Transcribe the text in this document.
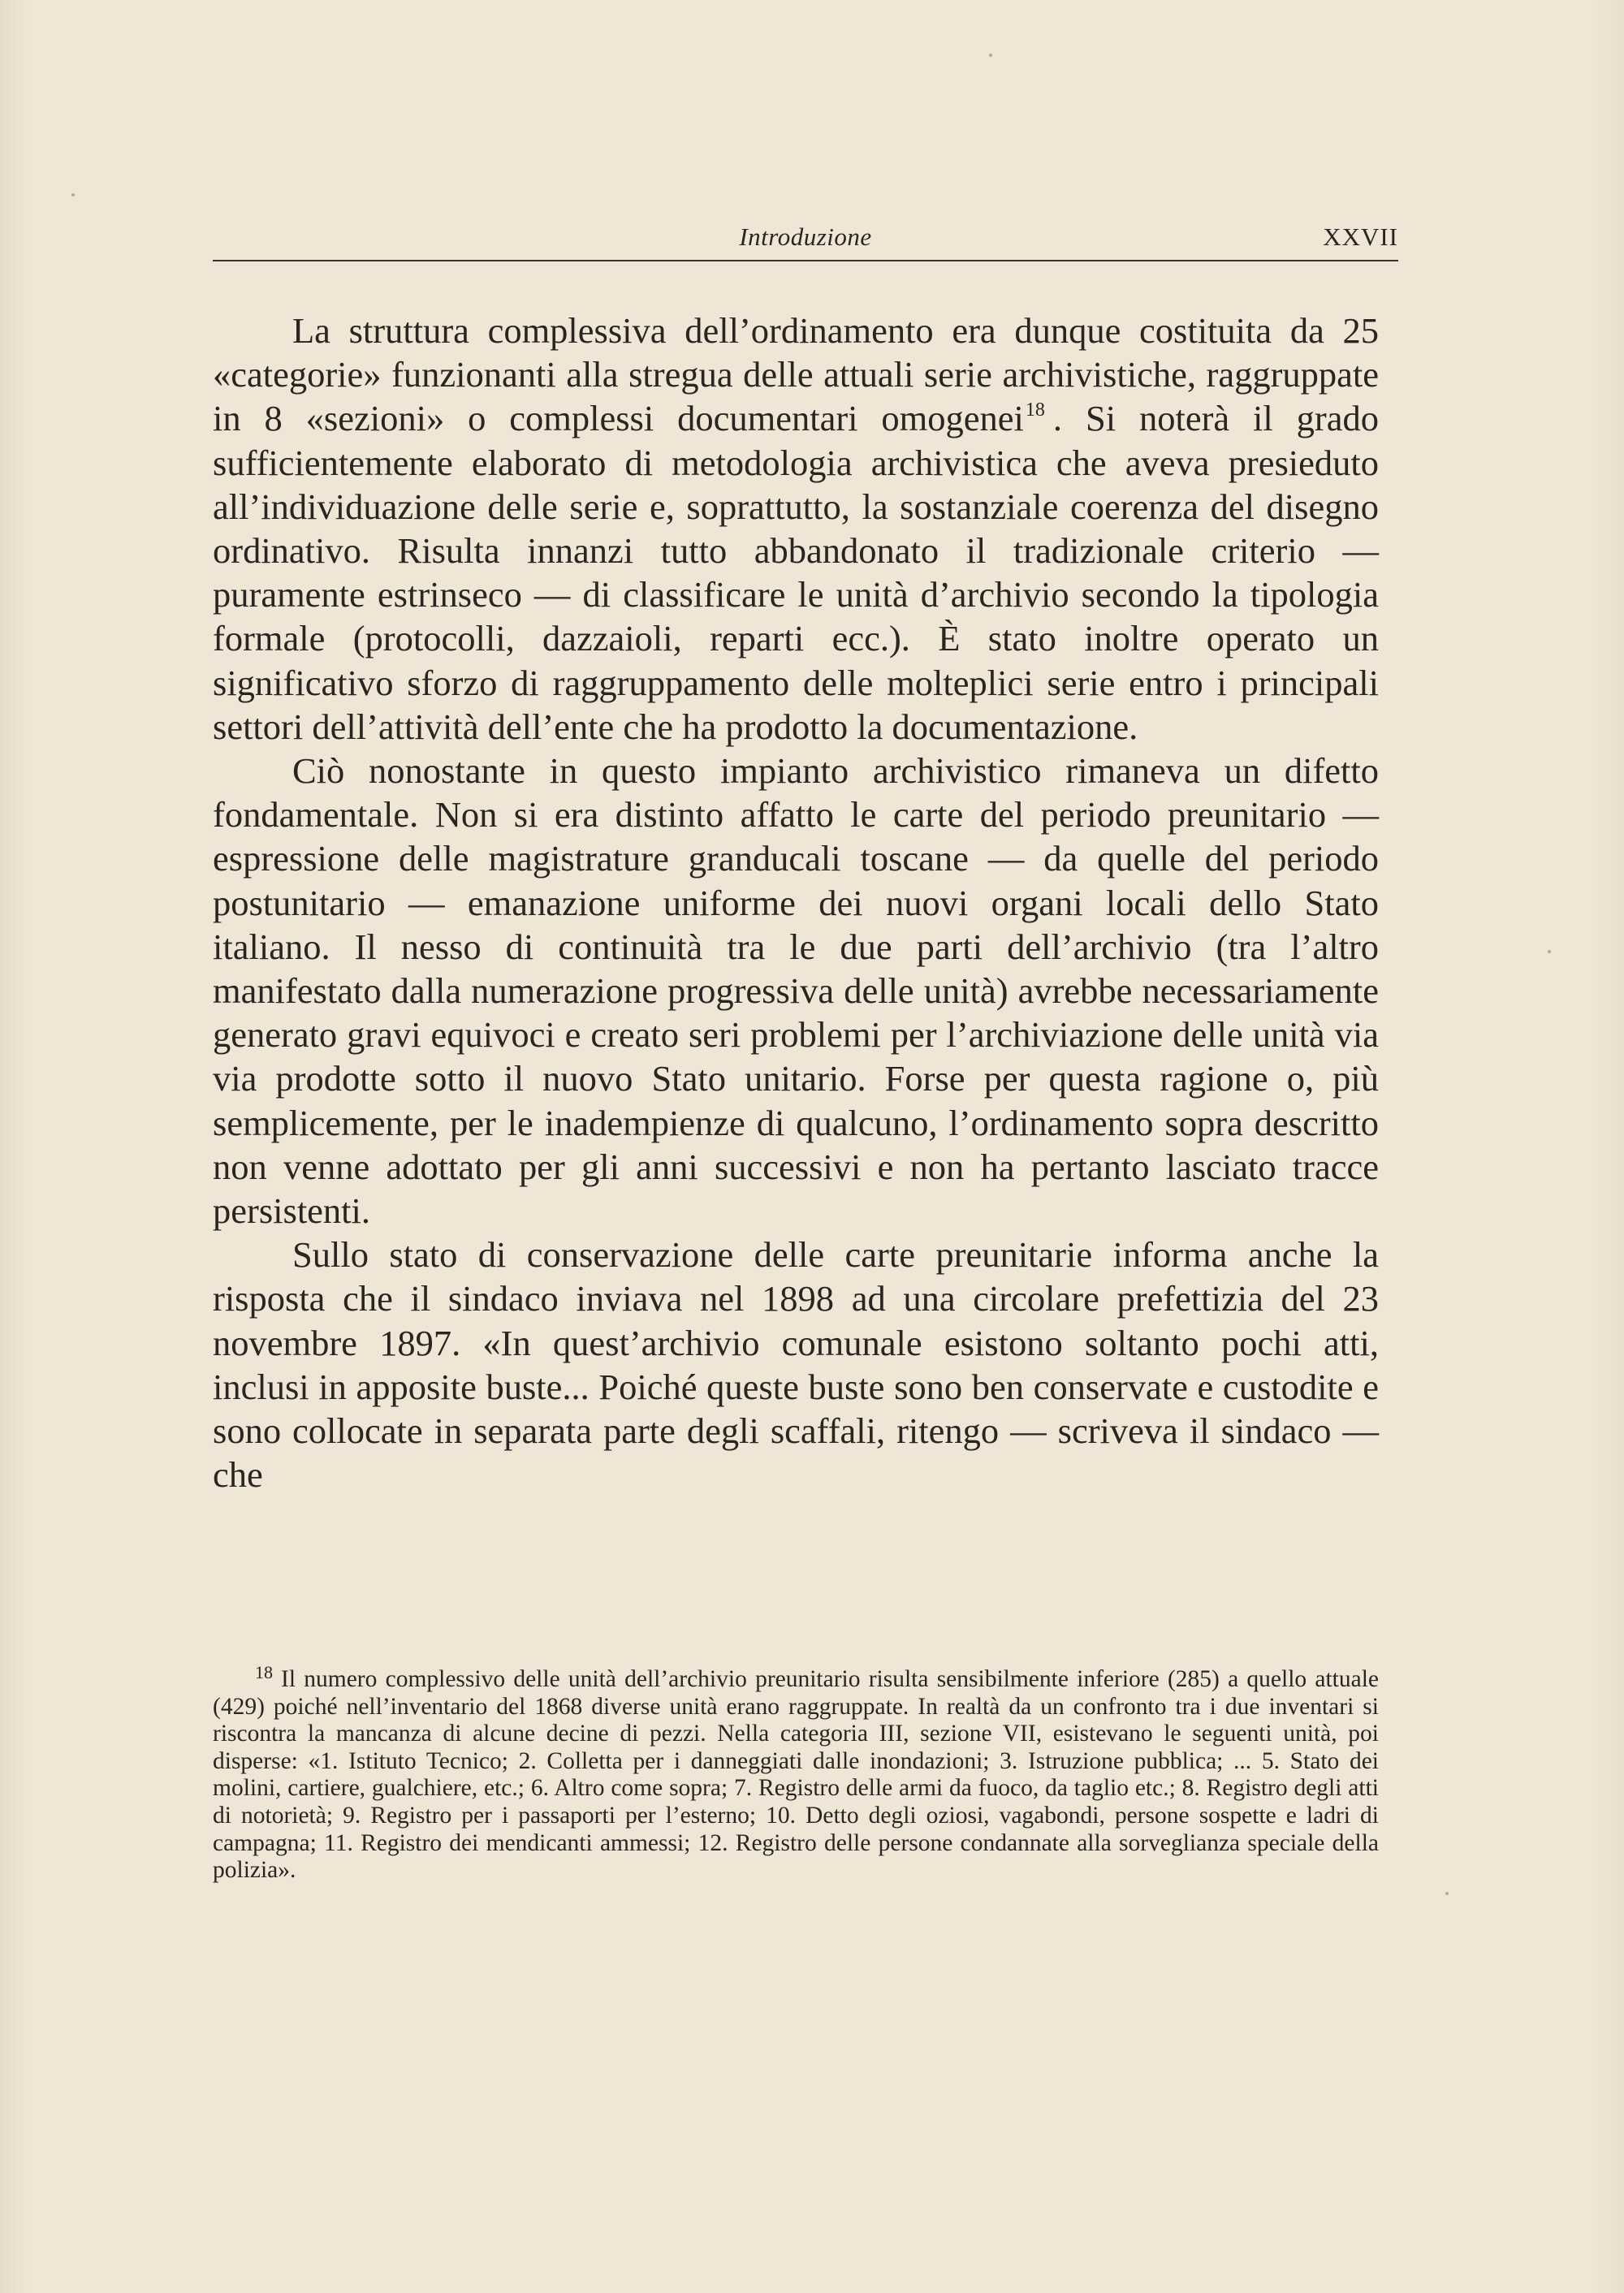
Introduzione	XXVII

La struttura complessiva dell’ordinamento era dunque costituita da 25 «categorie» funzionanti alla stregua delle attuali serie archivistiche, raggruppate in 8 «sezioni» o complessi documentari omogenei$^{18}$ . Si noterà il grado sufficientemente elaborato di metodologia archivistica che aveva presieduto all’individuazione delle serie e, soprattutto, la sostanziale coerenza del disegno ordinativo. Risulta innanzi tutto abbandonato il tradizionale criterio — puramente estrinseco — di classificare le unità d’archivio secondo la tipologia formale (protocolli, dazzaioli, reparti ecc.). È stato inoltre operato un significativo sforzo di raggruppamento delle molteplici serie entro i principali settori dell’attività dell’ente che ha prodotto la documentazione.

Ciò nonostante in questo impianto archivistico rimaneva un difetto fondamentale. Non si era distinto affatto le carte del periodo preunitario — espressione delle magistrature granducali toscane — da quelle del periodo postunitario — emanazione uniforme dei nuovi organi locali dello Stato italiano. Il nesso di continuità tra le due parti dell’archivio (tra l’altro manifestato dalla numerazione progressiva delle unità) avrebbe necessariamente generato gravi equivoci e creato seri problemi per l’archiviazione delle unità via via prodotte sotto il nuovo Stato unitario. Forse per questa ragione o, più semplicemente, per le inadempienze di qualcuno, l’ordinamento sopra descritto non venne adottato per gli anni successivi e non ha pertanto lasciato tracce persistenti.

Sullo stato di conservazione delle carte preunitarie informa anche la risposta che il sindaco inviava nel 1898 ad una circolare prefettizia del 23 novembre 1897. «In quest’archivio comunale esistono soltanto pochi atti, inclusi in apposite buste... Poiché queste buste sono ben conservate e custodite e sono collocate in separata parte degli scaffali, ritengo — scriveva il sindaco — che

$^{18}$ Il numero complessivo delle unità dell’archivio preunitario risulta sensibilmente inferiore (285) a quello attuale (429) poiché nell’inventario del 1868 diverse unità erano raggruppate. In realtà da un confronto tra i due inventari si riscontra la mancanza di alcune decine di pezzi. Nella categoria III, sezione VII, esistevano le seguenti unità, poi disperse: «1. Istituto Tecnico; 2. Colletta per i danneggiati dalle inondazioni; 3. Istruzione pubblica; ... 5. Stato dei molini, cartiere, gualchiere, etc.; 6. Altro come sopra; 7. Registro delle armi da fuoco, da taglio etc.; 8. Registro degli atti di notorietà; 9. Registro per i passaporti per l’esterno; 10. Detto degli oziosi, vagabondi, persone sospette e ladri di campagna; 11. Registro dei mendicanti ammessi; 12. Registro delle persone condannate alla sorveglianza speciale della polizia».
